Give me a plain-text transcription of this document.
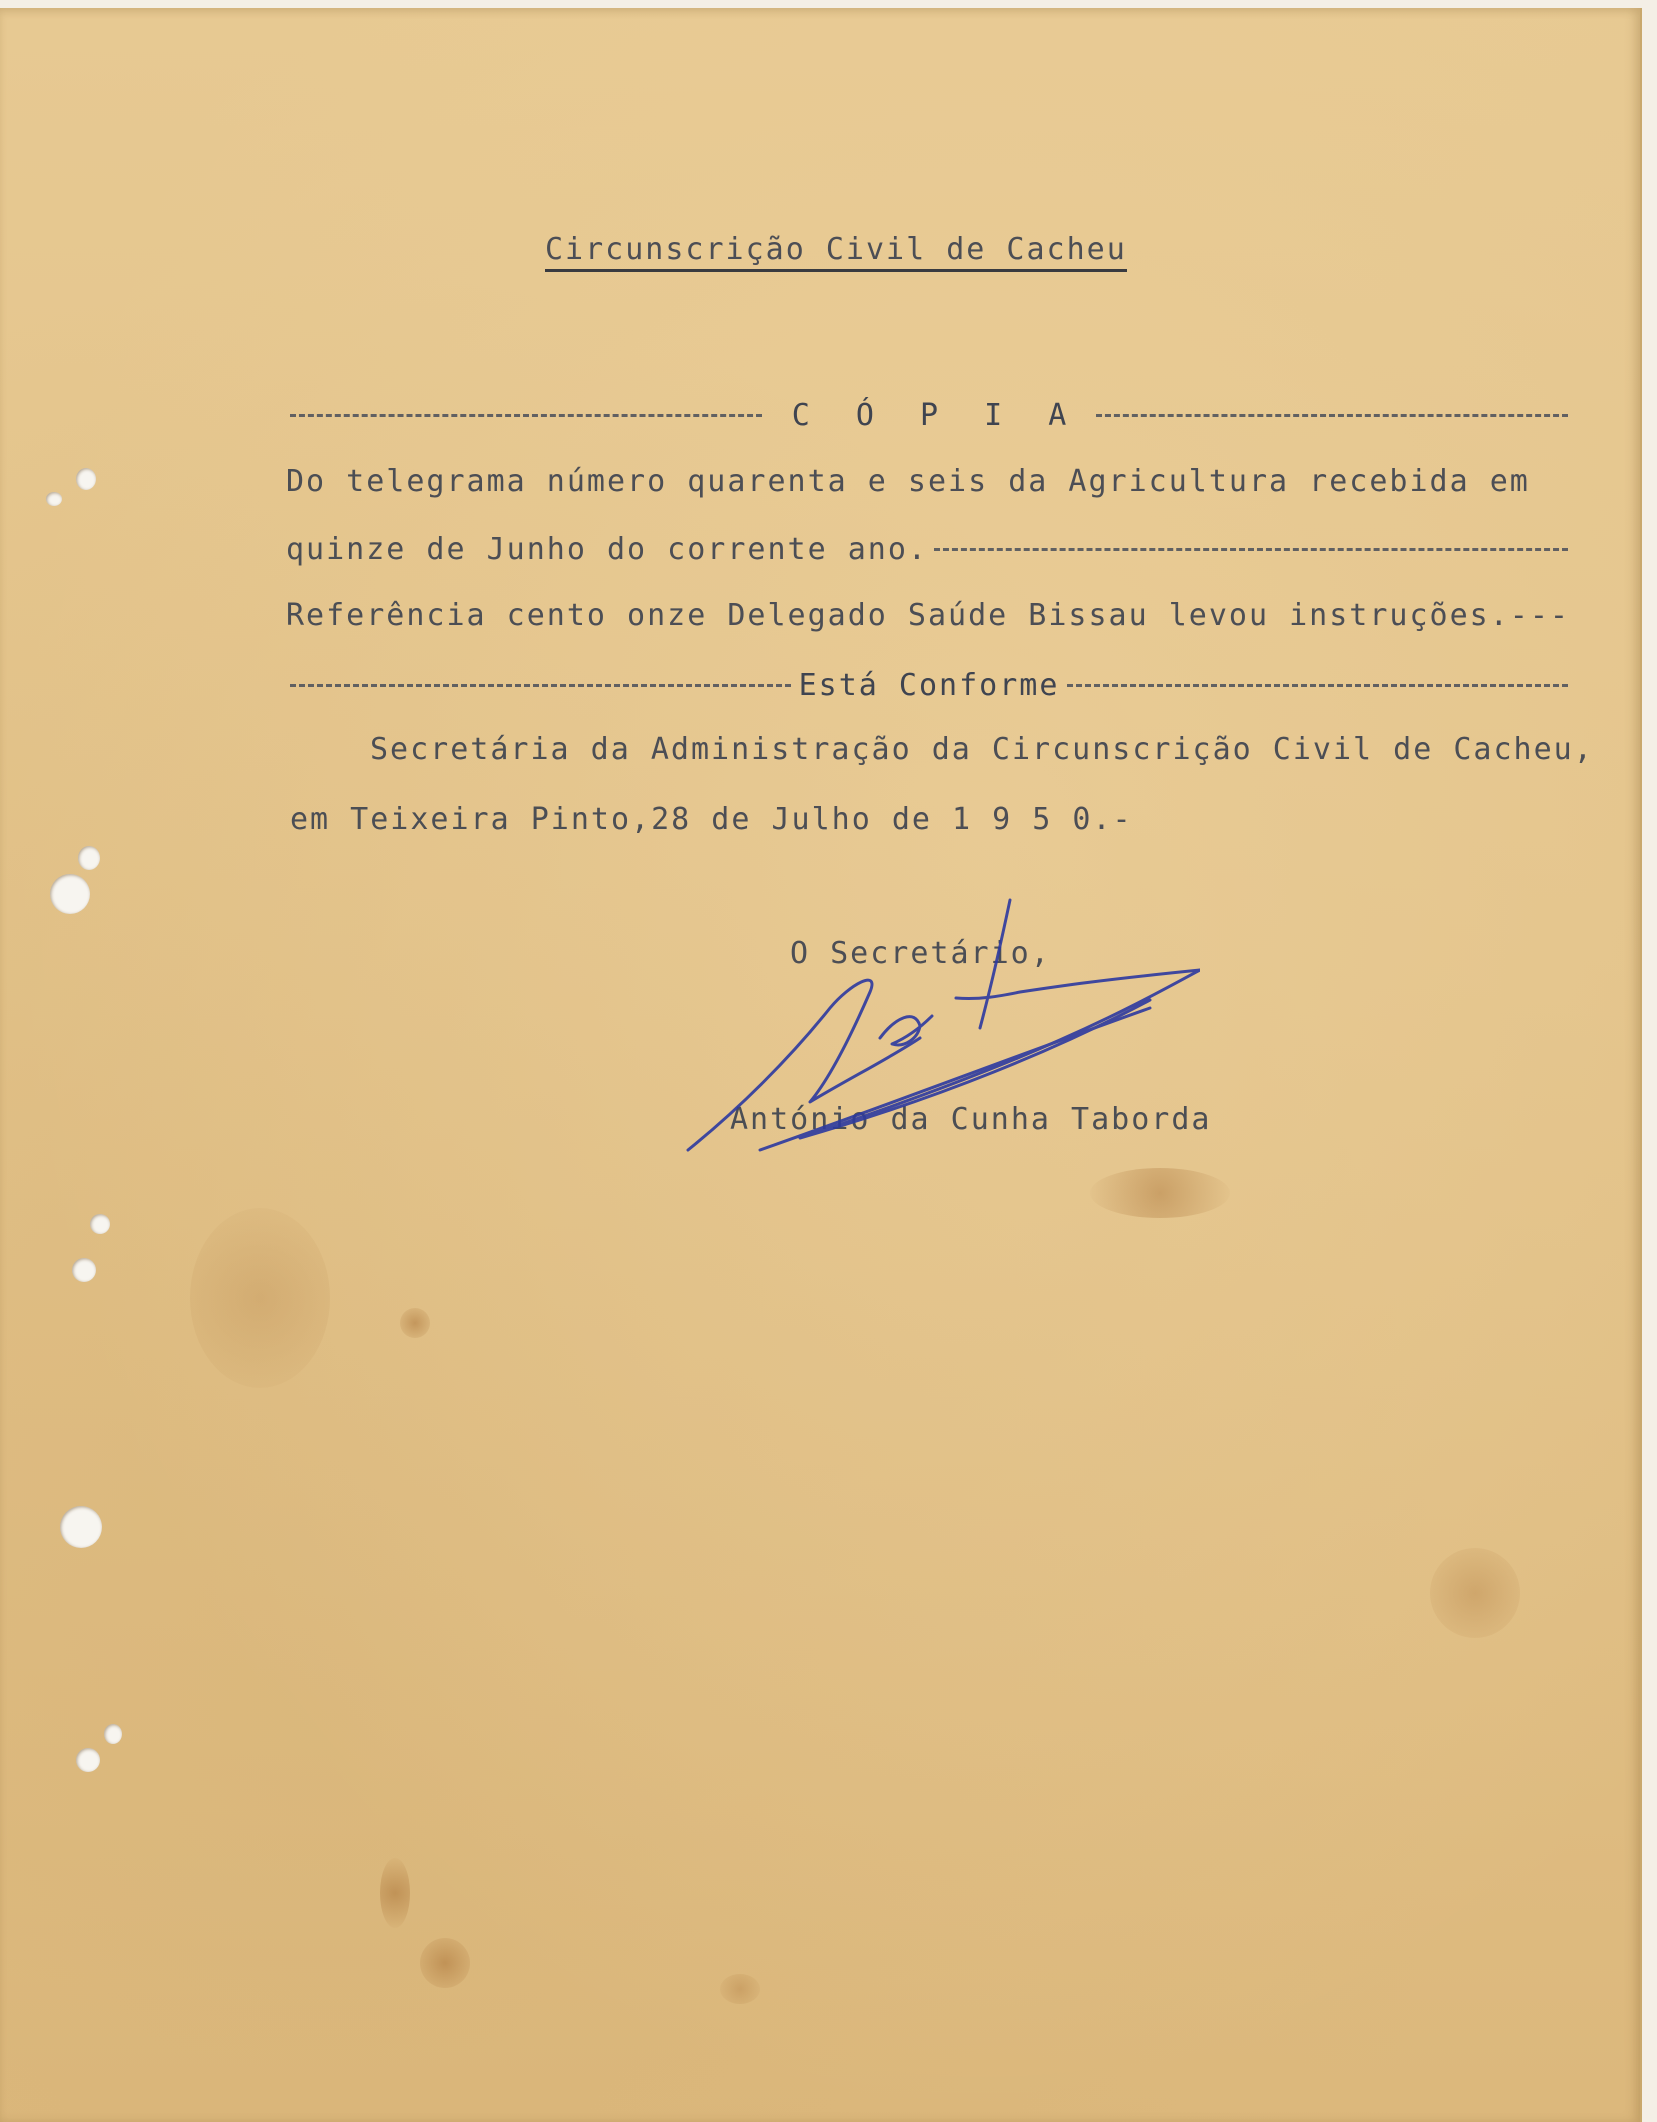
Circunscrição Civil de Cacheu
C Ó P I A
Do telegrama número quarenta e seis da Agricultura recebida em
quinze de Junho do corrente ano.
Referência cento onze Delegado Saúde Bissau levou instruções.---
Está Conforme
Secretária da Administração da Circunscrição Civil de Cacheu,
em Teixeira Pinto,28 de Julho de 1 9 5 0.-
O Secretário,
António da Cunha Taborda
